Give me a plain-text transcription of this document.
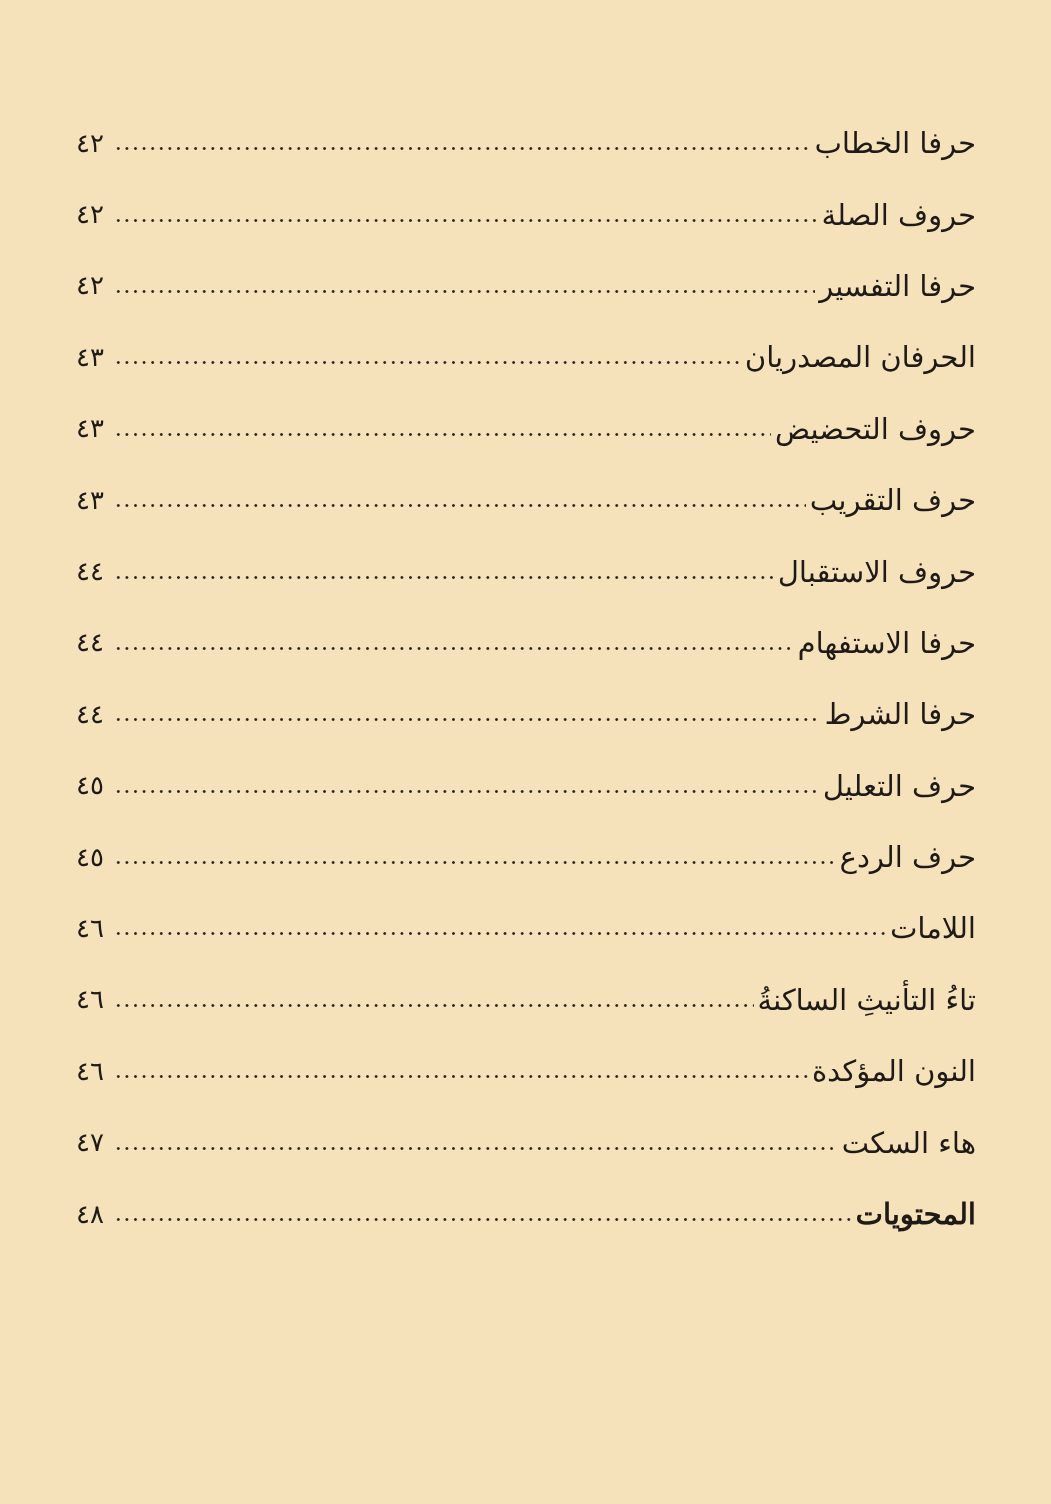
حرفا الخطاب
٤٢
حروف الصلة
٤٢
حرفا التفسير
٤٢
الحرفان المصدريان
٤٣
حروف التحضيض
٤٣
حرف التقريب
٤٣
حروف الاستقبال
٤٤
حرفا الاستفهام
٤٤
حرفا الشرط
٤٤
حرف التعليل
٤٥
حرف الردع
٤٥
اللامات
٤٦
تاءُ التأنيثِ الساكنةُ
٤٦
النون المؤكدة
٤٦
هاء السكت
٤٧
المحتويات
٤٨
